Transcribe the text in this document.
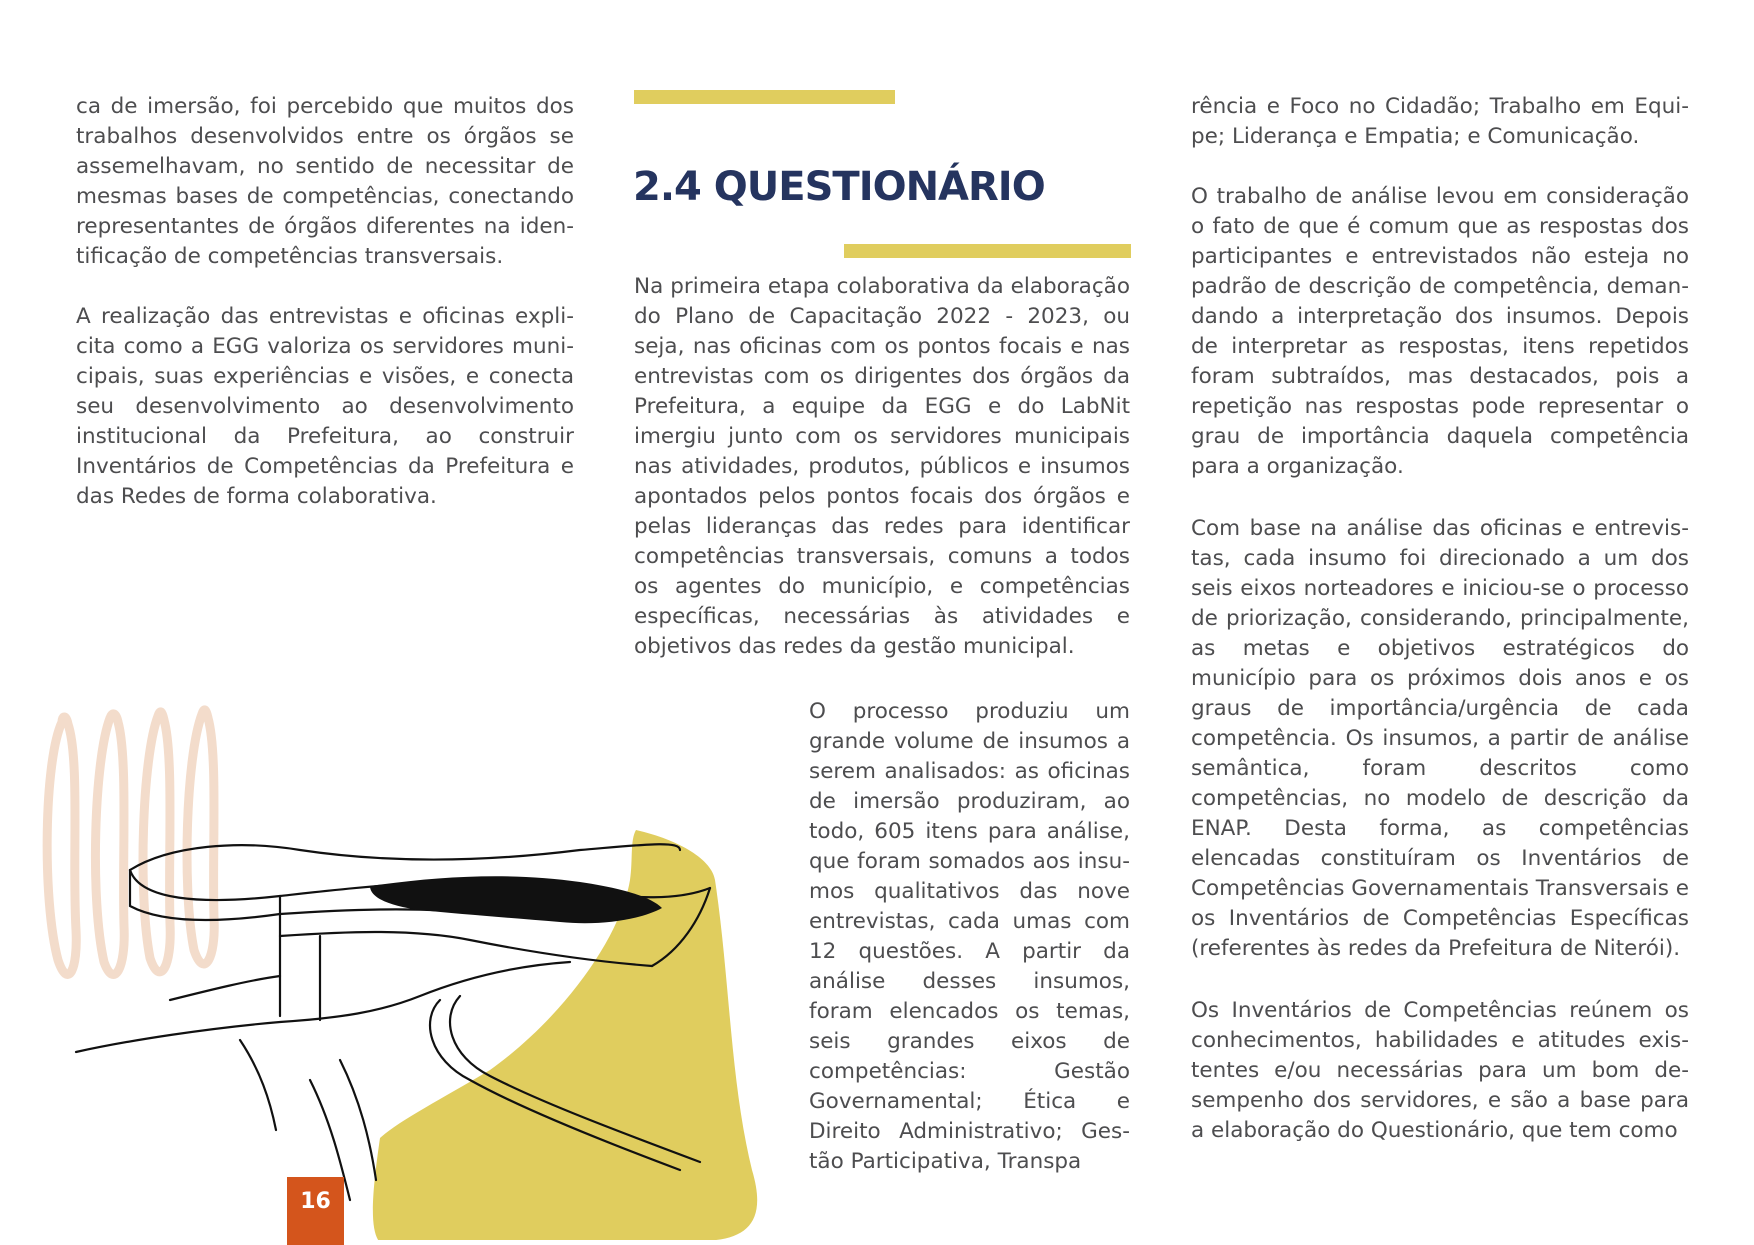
ca de imersão, foi percebido que muitos dos trabalhos desenvolvidos entre os órgãos se assemelhavam, no sentido de necessitar de mesmas bases de competências, conectando representantes de órgãos diferentes na identificação de competências transversais.

A realização das entrevistas e oficinas explicita como a EGG valoriza os servidores municipais, suas experiências e visões, e conecta seu desenvolvimento ao desenvolvimento institucional da Prefeitura, ao construir Inventários de Competências da Prefeitura e das Redes de forma colaborativa.

2.4 QUESTIONÁRIO

Na primeira etapa colaborativa da elaboração do Plano de Capacitação 2022 - 2023, ou seja, nas oficinas com os pontos focais e nas entrevistas com os dirigentes dos órgãos da Prefeitura, a equipe da EGG e do LabNit imergiu junto com os servidores municipais nas atividades, produtos, públicos e insumos apontados pelos pontos focais dos órgãos e pelas lideranças das redes para identificar competências transversais, comuns a todos os agentes do município, e competências específicas, necessárias às atividades e objetivos das redes da gestão municipal.

O processo produziu um grande volume de insumos a serem analisados: as oficinas de imersão produziram, ao todo, 605 itens para análise, que foram somados aos insumos qualitativos das nove entrevistas, cada umas com 12 questões. A partir da análise desses insumos, foram elencados os temas, seis grandes eixos de competências: Gestão Governamental; Ética e Direito Administrativo; Gestão Participativa, Transpa

rência e Foco no Cidadão; Trabalho em Equipe; Liderança e Empatia; e Comunicação.

O trabalho de análise levou em consideração o fato de que é comum que as respostas dos participantes e entrevistados não esteja no padrão de descrição de competência, demandando a interpretação dos insumos. Depois de interpretar as respostas, itens repetidos foram subtraídos, mas destacados, pois a repetição nas respostas pode representar o grau de importância daquela competência para a organização.

Com base na análise das oficinas e entrevistas, cada insumo foi direcionado a um dos seis eixos norteadores e iniciou-se o processo de priorização, considerando, principalmente, as metas e objetivos estratégicos do município para os próximos dois anos e os graus de importância/urgência de cada competência. Os insumos, a partir de análise semântica, foram descritos como competências, no modelo de descrição da ENAP. Desta forma, as competências elencadas constituíram os Inventários de Competências Governamentais Transversais e os Inventários de Competências Específicas (referentes às redes da Prefeitura de Niterói).

Os Inventários de Competências reúnem os conhecimentos, habilidades e atitudes existentes e/ou necessárias para um bom desempenho dos servidores, e são a base para a elaboração do Questionário, que tem como

16
